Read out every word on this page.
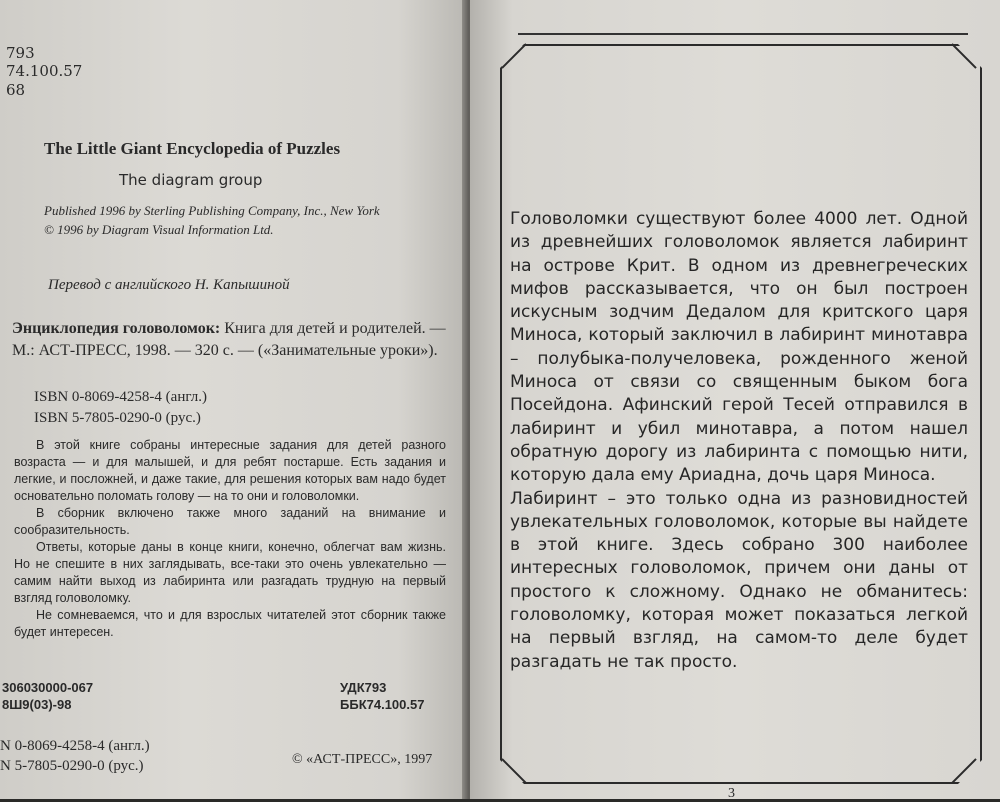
793
74.100.57
68
The Little Giant Encyclopedia of Puzzles
The diagram group
Published 1996 by Sterling Publishing Company, Inc., New York
© 1996 by Diagram Visual Information Ltd.
Перевод с английского Н. Капышиной
Энциклопедия головоломок: Книга для детей и родителей. — М.: АСТ-ПРЕСС, 1998. — 320 с. — («Занимательные уроки»).
ISBN 0-8069-4258-4 (англ.)
ISBN 5-7805-0290-0 (рус.)

В этой книге собраны интересные задания для детей разного возраста — и для малышей, и для ребят постарше. Есть задания и легкие, и посложней, и даже такие, для решения которых вам надо будет основательно поломать голову — на то они и головоломки.

В сборник включено также много заданий на внимание и сообразительность.

Ответы, которые даны в конце книги, конечно, облегчат вам жизнь. Но не спешите в них заглядывать, все-таки это очень увлекательно — самим найти выход из лабиринта или разгадать трудную на первый взгляд головоломку.

Не сомневаемся, что и для взрослых читателей этот сборник также будет интересен.

306030000-067
8Ш9(03)-98
УДК793
ББК74.100.57
N 0-8069-4258-4 (англ.)
N 5-7805-0290-0 (рус.)	© «АСТ-ПРЕСС», 1997

Головоломки существуют более 4000 лет. Одной из древнейших головоломок является лабиринт на острове Крит. В одном из древнегреческих мифов рассказывается, что он был построен искусным зодчим Дедалом для критского царя Миноса, который заключил в лабиринт минотавра – полубыка-получеловека, рожденного женой Миноса от связи со священным быком бога Посейдона. Афинский герой Тесей отправился в лабиринт и убил минотавра, а потом нашел обратную дорогу из лабиринта с помощью нити, которую дала ему Ариадна, дочь царя Миноса.

Лабиринт – это только одна из разновидностей увлекательных головоломок, которые вы найдете в этой книге. Здесь собрано 300 наиболее интересных головоломок, причем они даны от простого к сложному. Однако не обманитесь: головоломку, которая может показаться легкой на первый взгляд, на самом-то деле будет разгадать не так просто.

3
